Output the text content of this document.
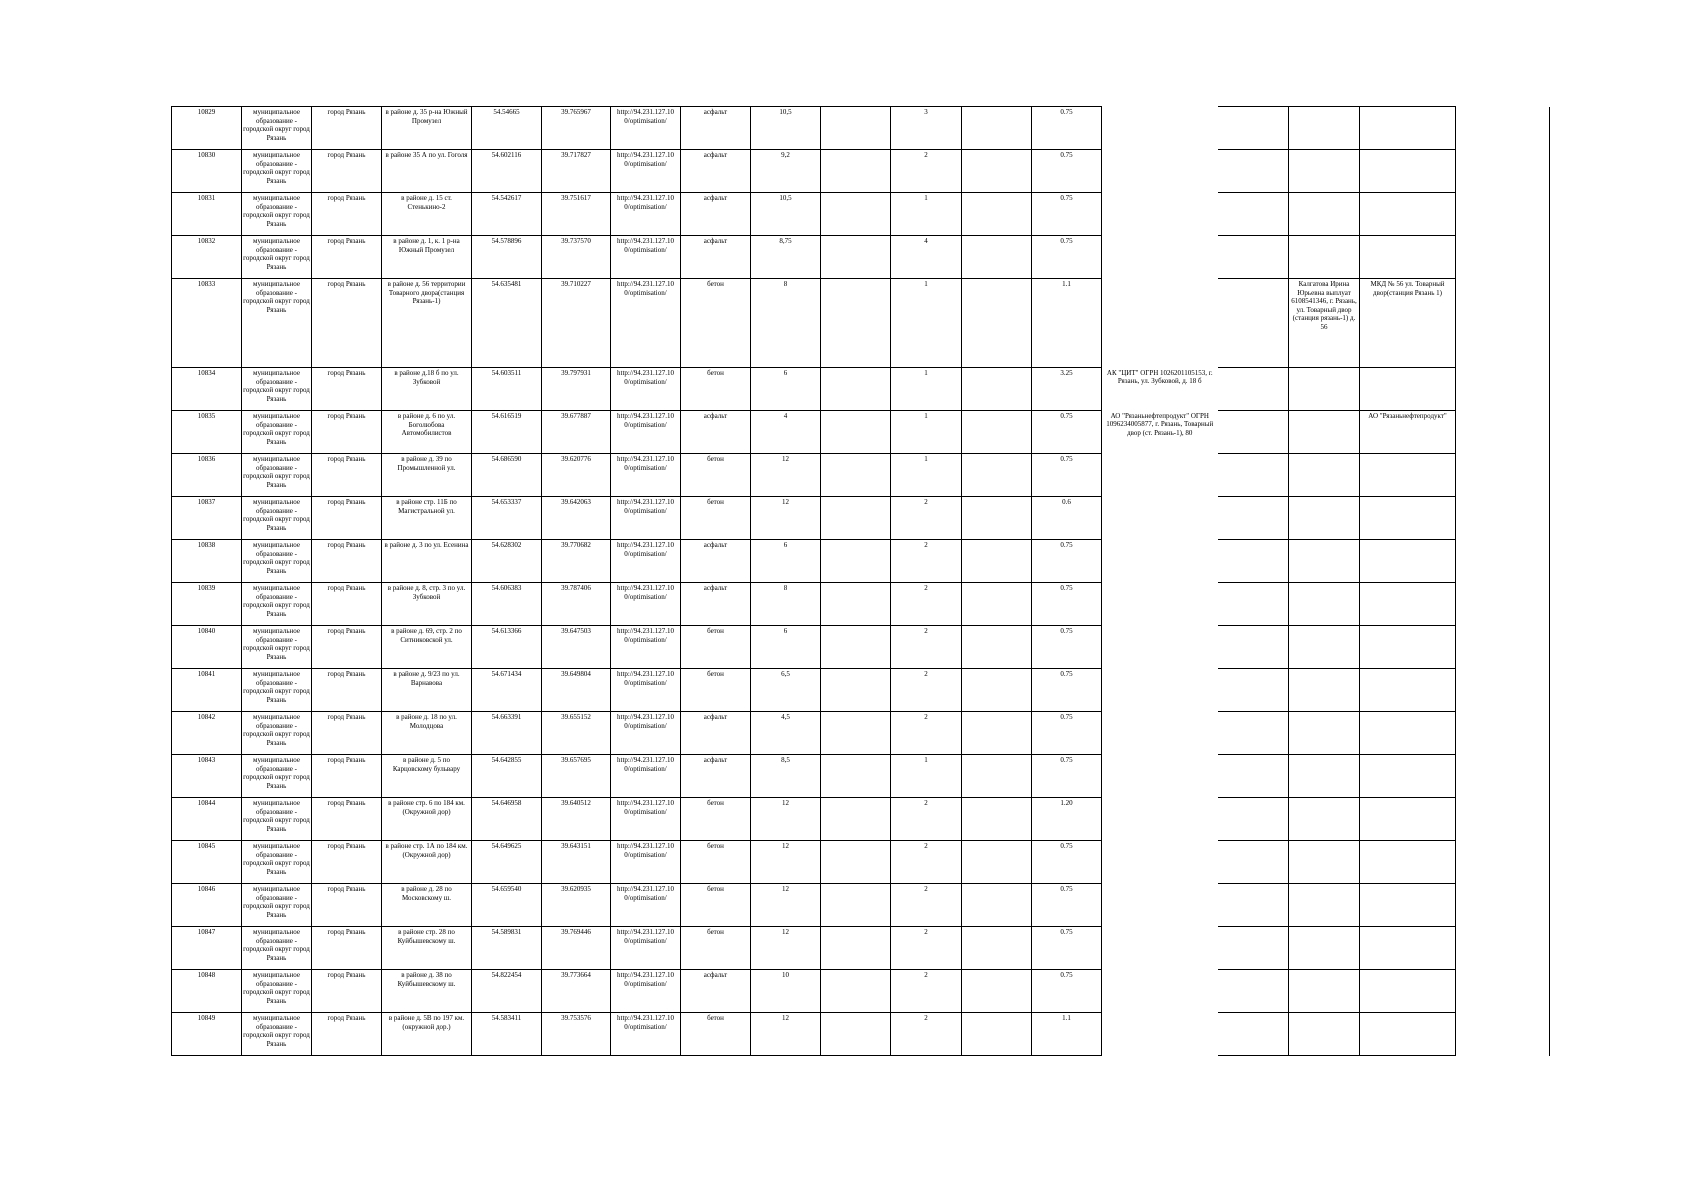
10829	муниципальное образование - городской округ город Рязань	город Рязань	в районе д. 35 р-на Южный Промузел	54.54665	39.765967	http://94.231.127.10 0/optimisation/	асфальт	10,5		3		0.75					
10830	муниципальное образование - городской округ город Рязань	город Рязань	в районе 35 А по ул. Гоголя	54.602116	39.717827	http://94.231.127.10 0/optimisation/	асфальт	9,2		2		0.75					
10831	муниципальное образование - городской округ город Рязань	город Рязань	в районе д. 15 ст. Стенькино-2	54.542617	39.751617	http://94.231.127.10 0/optimisation/	асфальт	10,5		1		0.75					
10832	муниципальное образование - городской округ город Рязань	город Рязань	в районе д. 1, к. 1 р-на Южный Промузел	54.578896	39.737570	http://94.231.127.10 0/optimisation/	асфальт	8,75		4		0.75					
10833	муниципальное образование - городской округ город Рязань	город Рязань	в районе д. 56 территории Товарного двора(станция Рязань-1)	54.635481	39.710227	http://94.231.127.10 0/optimisation/	бетон	8		1		1.1			Калгатова Ирина Юрьевна выплуат 6108541346, г. Рязань, ул. Товарный двор (станция рязань-1) д. 56	МКД № 56 ул. Товарный двор(станция Рязань 1)	
10834	муниципальное образование - городской округ город Рязань	город Рязань	в районе д.18 б по ул. Зубковой	54.603511	39.797931	http://94.231.127.10 0/optimisation/	бетон	6		1		3.25	АК "ЦИТ" ОГРН 1026201105153, г. Рязань, ул. Зубковой, д. 18 б				
10835	муниципальное образование - городской округ город Рязань	город Рязань	в районе д. 6 по ул. Боголюбова Автомобилистов	54.616519	39.677887	http://94.231.127.10 0/optimisation/	асфальт	4		1		0.75	АО "Рязаньнефтепродукт" ОГРН 1096234005877, г. Рязань, Товарный двор (ст. Рязань-1), 80			АО "Рязаньнефтепродукт"	
10836	муниципальное образование - городской округ город Рязань	город Рязань	в районе д. 39 по Промышленной ул.	54.686590	39.620776	http://94.231.127.10 0/optimisation/	бетон	12		1		0.75					
10837	муниципальное образование - городской округ город Рязань	город Рязань	в районе стр. 11Б по Магистральной ул.	54.653337	39.642063	http://94.231.127.10 0/optimisation/	бетон	12		2		0.6					
10838	муниципальное образование - городской округ город Рязань	город Рязань	в районе д. 3 по ул. Есенина	54.628302	39.770682	http://94.231.127.10 0/optimisation/	асфальт	6		2		0.75					
10839	муниципальное образование - городской округ город Рязань	город Рязань	в районе д. 8, стр. 3 по ул. Зубковой	54.606383	39.787406	http://94.231.127.10 0/optimisation/	асфальт	8		2		0.75					
10840	муниципальное образование - городской округ город Рязань	город Рязань	в районе д. 69, стр. 2 по Ситниковской ул.	54.613366	39.647503	http://94.231.127.10 0/optimisation/	бетон	6		2		0.75					
10841	муниципальное образование - городской округ город Рязань	город Рязань	в районе д. 9/23 по ул. Варнавова	54.671434	39.649804	http://94.231.127.10 0/optimisation/	бетон	6,5		2		0.75					
10842	муниципальное образование - городской округ город Рязань	город Рязань	в районе д. 18 по ул. Молодцова	54.663391	39.655152	http://94.231.127.10 0/optimisation/	асфальт	4,5		2		0.75					
10843	муниципальное образование - городской округ город Рязань	город Рязань	в районе д. 5 по Карцовскому бульвару	54.642855	39.657695	http://94.231.127.10 0/optimisation/	асфальт	8,5		1		0.75					
10844	муниципальное образование - городской округ город Рязань	город Рязань	в районе стр. 6 по 184 км. (Окружной дор)	54.646958	39.640512	http://94.231.127.10 0/optimisation/	бетон	12		2		1.20					
10845	муниципальное образование - городской округ город Рязань	город Рязань	в районе стр. 1А по 184 км. (Окружной дор)	54.649625	39.643151	http://94.231.127.10 0/optimisation/	бетон	12		2		0.75					
10846	муниципальное образование - городской округ город Рязань	город Рязань	в районе д. 28 по Московскому ш.	54.659540	39.620935	http://94.231.127.10 0/optimisation/	бетон	12		2		0.75					
10847	муниципальное образование - городской округ город Рязань	город Рязань	в районе стр. 28 по Куйбышевскому ш.	54.589831	39.769446	http://94.231.127.10 0/optimisation/	бетон	12		2		0.75					
10848	муниципальное образование - городской округ город Рязань	город Рязань	в районе д. 38 по Куйбышевскому ш.	54.822454	39.773664	http://94.231.127.10 0/optimisation/	асфальт	10		2		0.75					
10849	муниципальное образование - городской округ город Рязань	город Рязань	в районе д. 5В по 197 км. (окружной дор.)	54.583411	39.753576	http://94.231.127.10 0/optimisation/	бетон	12		2		1.1					
